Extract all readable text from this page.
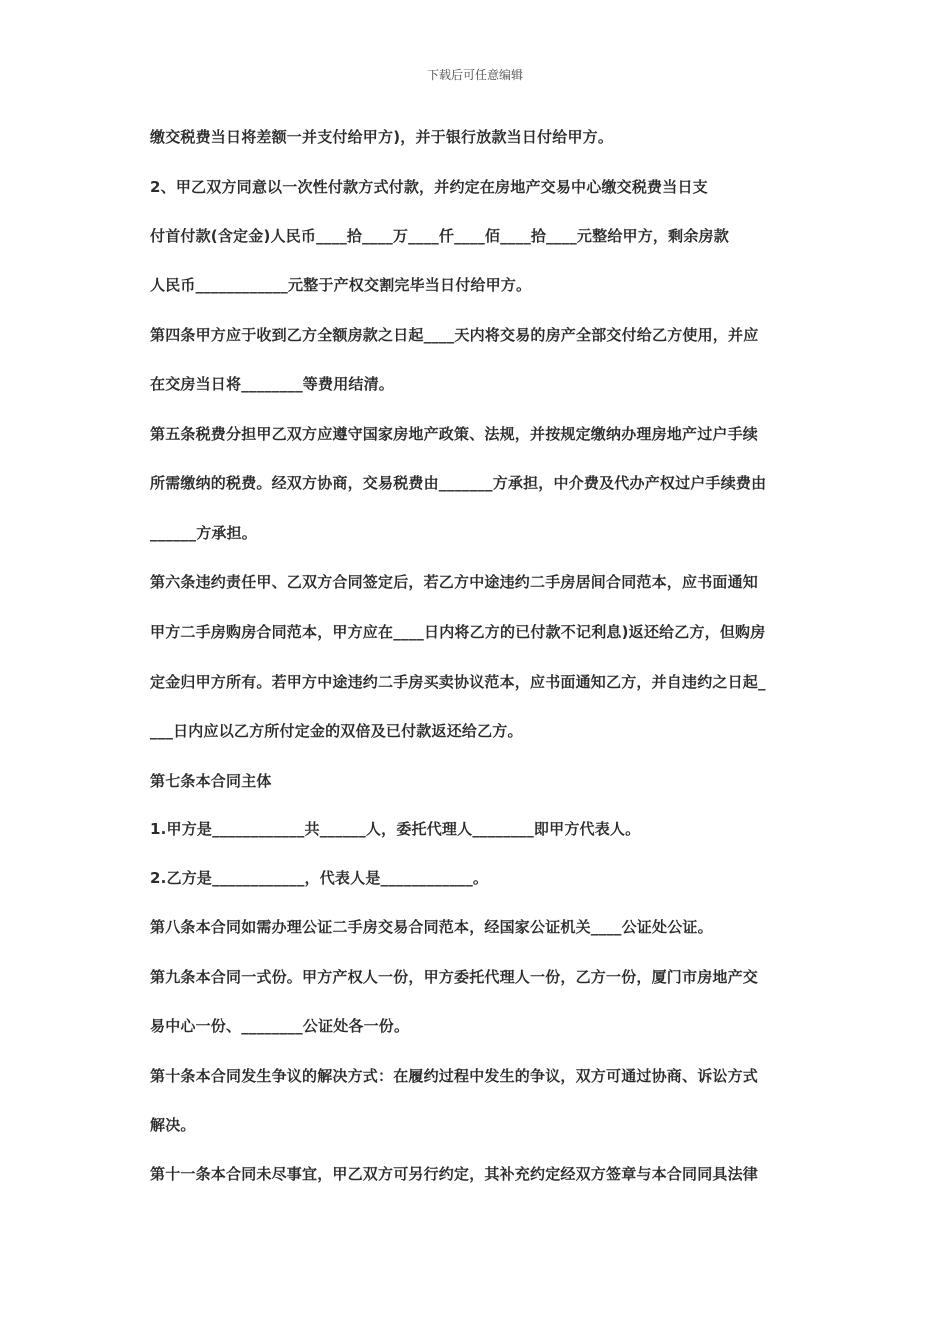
下载后可任意编辑
缴交税费当日将差额一并支付给甲方)，并于银行放款当日付给甲方。
2、甲乙双方同意以一次性付款方式付款，并约定在房地产交易中心缴交税费当日支
付首付款(含定金)人民币____拾____万____仟____佰____拾____元整给甲方，剩余房款
人民币____________元整于产权交割完毕当日付给甲方。
第四条甲方应于收到乙方全额房款之日起____天内将交易的房产全部交付给乙方使用，并应
在交房当日将________等费用结清。
第五条税费分担甲乙双方应遵守国家房地产政策、法规，并按规定缴纳办理房地产过户手续
所需缴纳的税费。经双方协商，交易税费由_______方承担，中介费及代办产权过户手续费由
______方承担。
第六条违约责任甲、乙双方合同签定后，若乙方中途违约二手房居间合同范本，应书面通知
甲方二手房购房合同范本，甲方应在____日内将乙方的已付款不记利息)返还给乙方，但购房
定金归甲方所有。若甲方中途违约二手房买卖协议范本，应书面通知乙方，并自违约之日起_
___日内应以乙方所付定金的双倍及已付款返还给乙方。
第七条本合同主体
1.甲方是____________共______人，委托代理人________即甲方代表人。
2.乙方是____________，代表人是____________。
第八条本合同如需办理公证二手房交易合同范本，经国家公证机关____公证处公证。
第九条本合同一式份。甲方产权人一份，甲方委托代理人一份，乙方一份，厦门市房地产交
易中心一份、________公证处各一份。
第十条本合同发生争议的解决方式：在履约过程中发生的争议，双方可通过协商、诉讼方式
解决。
第十一条本合同未尽事宜，甲乙双方可另行约定，其补充约定经双方签章与本合同同具法律
